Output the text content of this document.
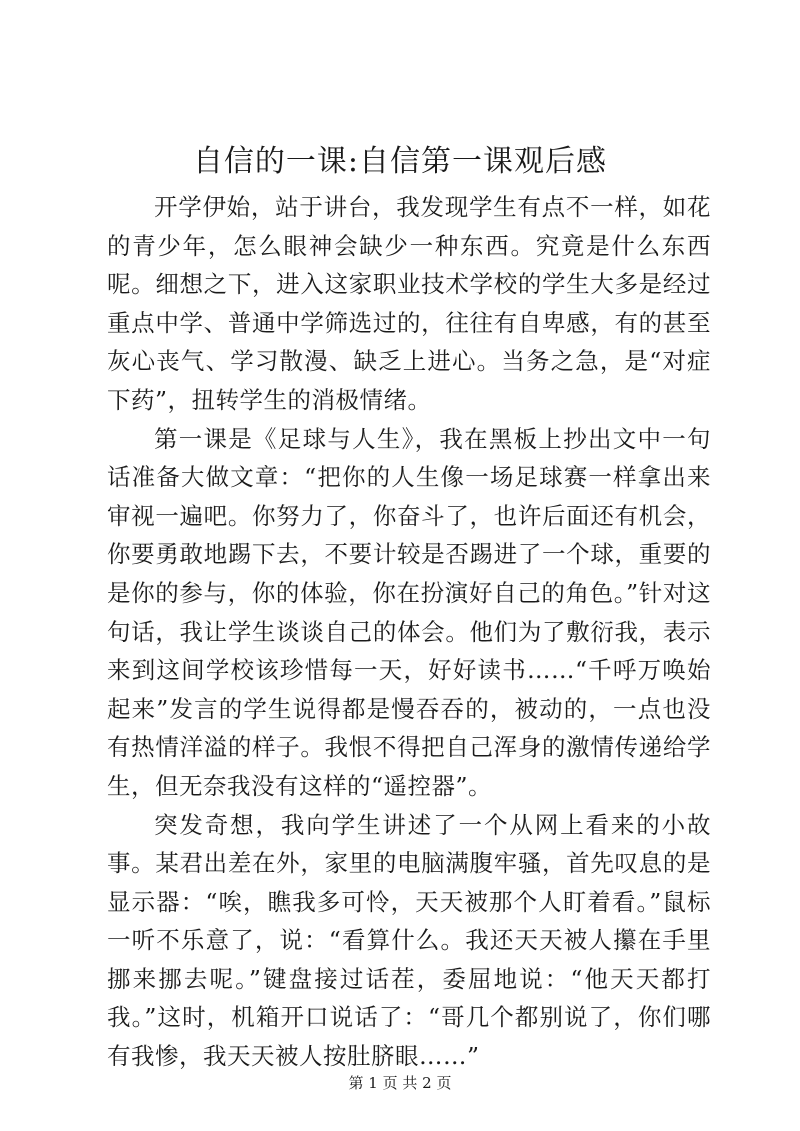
自信的一课:自信第一课观后感

开学伊始，站于讲台，我发现学生有点不一样，如花的青少年，怎么眼神会缺少一种东西。究竟是什么东西呢。细想之下，进入这家职业技术学校的学生大多是经过重点中学、普通中学筛选过的，往往有自卑感，有的甚至灰心丧气、学习散漫、缺乏上进心。当务之急，是“对症下药”，扭转学生的消极情绪。

第一课是《足球与人生》，我在黑板上抄出文中一句话准备大做文章：“把你的人生像一场足球赛一样拿出来审视一遍吧。你努力了，你奋斗了，也许后面还有机会，你要勇敢地踢下去，不要计较是否踢进了一个球，重要的是你的参与，你的体验，你在扮演好自己的角色。”针对这句话，我让学生谈谈自己的体会。他们为了敷衍我，表示来到这间学校该珍惜每一天，好好读书……“千呼万唤始起来”发言的学生说得都是慢吞吞的，被动的，一点也没有热情洋溢的样子。我恨不得把自己浑身的激情传递给学生，但无奈我没有这样的“遥控器”。

突发奇想，我向学生讲述了一个从网上看来的小故事。某君出差在外，家里的电脑满腹牢骚，首先叹息的是显示器：“唉，瞧我多可怜，天天被那个人盯着看。”鼠标一听不乐意了，说：“看算什么。我还天天被人攥在手里挪来挪去呢。”键盘接过话茬，委屈地说：“他天天都打我。”这时，机箱开口说话了：“哥几个都别说了，你们哪有我惨，我天天被人按肚脐眼……”

第 1 页 共 2 页
